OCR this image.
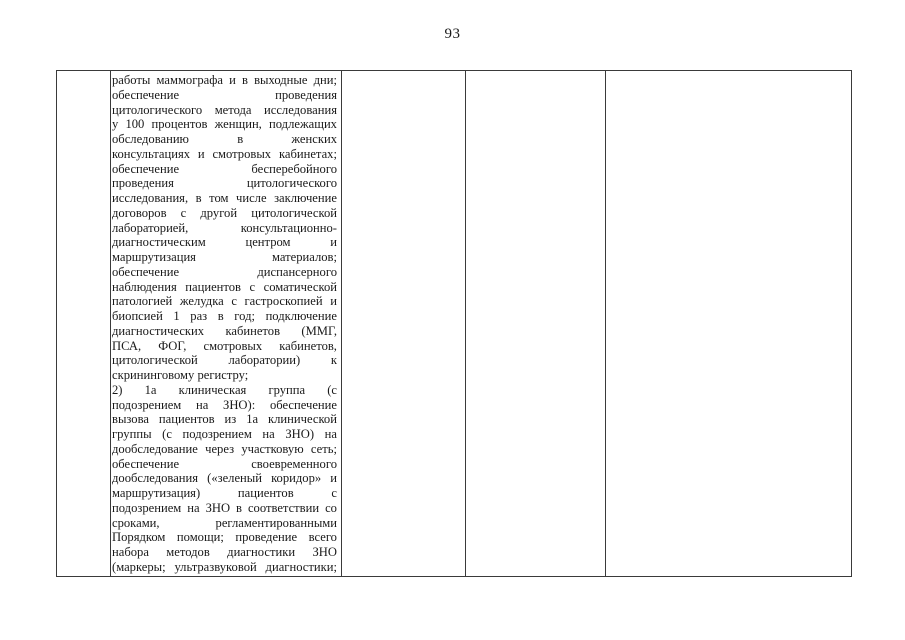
93
работы маммографа и в выходные дни;
обеспечение	проведения
цитологического метода исследования
у 100 процентов женщин, подлежащих
обследованию	в	женских
консультациях и смотровых кабинетах;
обеспечение	бесперебойного
проведения	цитологического
исследования, в том числе заключение
договоров с другой цитологической
лабораторией,	консультационно-
диагностическим	центром	и
маршрутизация	материалов;
обеспечение	диспансерного
наблюдения пациентов с соматической
патологией желудка с гастроскопией и
биопсией 1 раз в год; подключение
диагностических кабинетов (ММГ,
ПСА, ФОГ, смотровых кабинетов,
цитологической лаборатории) к
скрининговому регистру;
2) 1а клиническая группа (с
подозрением на ЗНО): обеспечение
вызова пациентов из 1а клинической
группы (с подозрением на ЗНО) на
дообследование через участковую сеть;
обеспечение	своевременного
дообследования («зеленый коридор» и
маршрутизация)	пациентов	с
подозрением на ЗНО в соответствии со
сроками,	регламентированными
Порядком помощи; проведение всего
набора методов диагностики ЗНО
(маркеры; ультразвуковой диагностики;
